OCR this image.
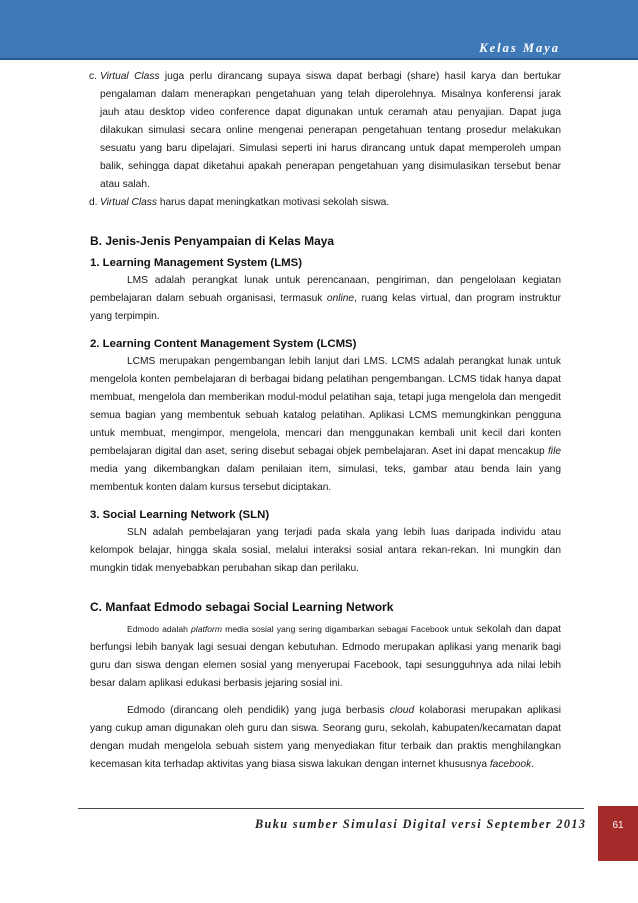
Kelas Maya
c. Virtual Class juga perlu dirancang supaya siswa dapat berbagi (share) hasil karya dan bertukar pengalaman dalam menerapkan pengetahuan yang telah diperolehnya. Misalnya konferensi jarak jauh atau desktop video conference dapat digunakan untuk ceramah atau penyajian. Dapat juga dilakukan simulasi secara online mengenai penerapan pengetahuan tentang prosedur melakukan sesuatu yang baru dipelajari. Simulasi seperti ini harus dirancang untuk dapat memperoleh umpan balik, sehingga dapat diketahui apakah penerapan pengetahuan yang disimulasikan tersebut benar atau salah.

d. Virtual Class harus dapat meningkatkan motivasi sekolah siswa.

B. Jenis-Jenis Penyampaian di Kelas Maya
1. Learning Management System (LMS)

LMS adalah perangkat lunak untuk perencanaan, pengiriman, dan pengelolaan kegiatan pembelajaran dalam sebuah organisasi, termasuk online, ruang kelas virtual, dan program instruktur yang terpimpin.

2. Learning Content Management System (LCMS)

LCMS merupakan pengembangan lebih lanjut dari LMS. LCMS adalah perangkat lunak untuk mengelola konten pembelajaran di berbagai bidang pelatihan pengembangan. LCMS tidak hanya dapat membuat, mengelola dan memberikan modul-modul pelatihan saja, tetapi juga mengelola dan mengedit semua bagian yang membentuk sebuah katalog pelatihan. Aplikasi LCMS memungkinkan pengguna untuk membuat, mengimpor, mengelola, mencari dan menggunakan kembali unit kecil dari konten pembelajaran digital dan aset, sering disebut sebagai objek pembelajaran. Aset ini dapat mencakup file media yang dikembangkan dalam penilaian item, simulasi, teks, gambar atau benda lain yang membentuk konten dalam kursus tersebut diciptakan.

3. Social Learning Network (SLN)

SLN adalah pembelajaran yang terjadi pada skala yang lebih luas daripada individu atau kelompok belajar, hingga skala sosial, melalui interaksi sosial antara rekan-rekan. Ini mungkin dan mungkin tidak menyebabkan perubahan sikap dan perilaku.

C. Manfaat Edmodo sebagai Social Learning Network

Edmodo adalah platform media sosial yang sering digambarkan sebagai Facebook untuk sekolah dan dapat berfungsi lebih banyak lagi sesuai dengan kebutuhan. Edmodo merupakan aplikasi yang menarik bagi guru dan siswa dengan elemen sosial yang menyerupai Facebook, tapi sesungguhnya ada nilai lebih besar dalam aplikasi edukasi berbasis jejaring sosial ini.

Edmodo (dirancang oleh pendidik) yang juga berbasis cloud kolaborasi merupakan aplikasi yang cukup aman digunakan oleh guru dan siswa. Seorang guru, sekolah, kabupaten/kecamatan dapat dengan mudah mengelola sebuah sistem yang menyediakan fitur terbaik dan praktis menghilangkan kecemasan kita terhadap aktivitas yang biasa siswa lakukan dengan internet khususnya facebook.

Buku sumber Simulasi Digital versi September 2013	61
